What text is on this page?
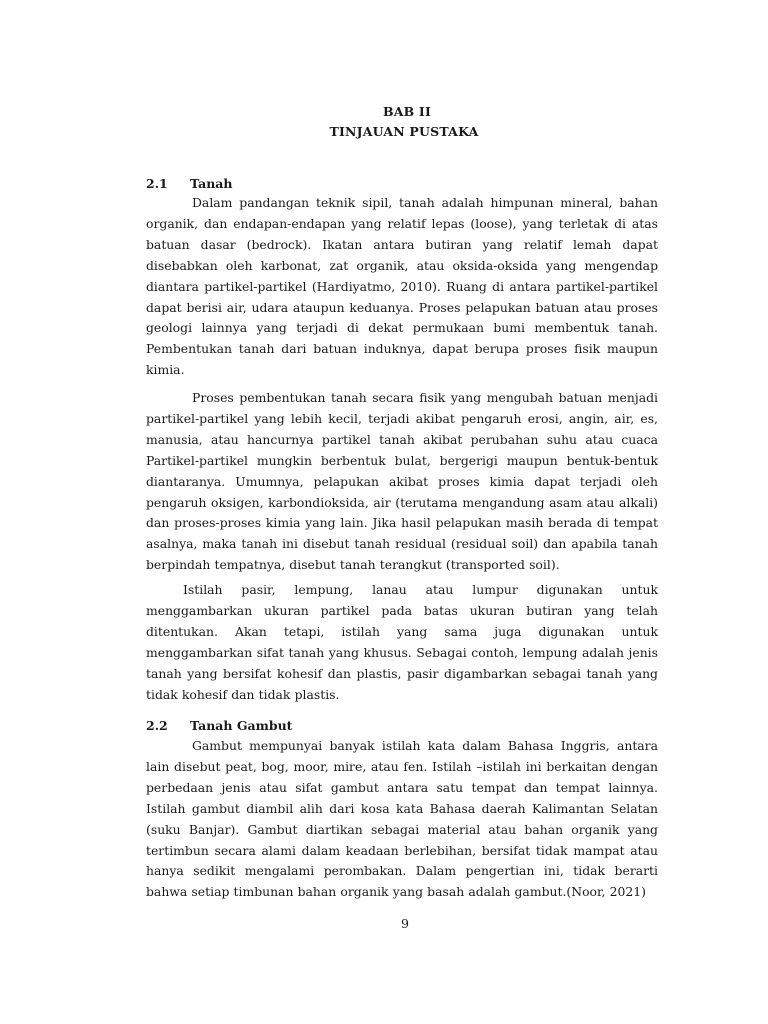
BAB II
TINJAUAN PUSTAKA
2.1 Tanah

Dalam pandangan teknik sipil, tanah adalah himpunan mineral, bahan organik, dan endapan-endapan yang relatif lepas (loose), yang terletak di atas batuan dasar (bedrock). Ikatan antara butiran yang relatif lemah dapat disebabkan oleh karbonat, zat organik, atau oksida-oksida yang mengendap diantara partikel-partikel (Hardiyatmo, 2010). Ruang di antara partikel-partikel dapat berisi air, udara ataupun keduanya. Proses pelapukan batuan atau proses geologi lainnya yang terjadi di dekat permukaan bumi membentuk tanah. Pembentukan tanah dari batuan induknya, dapat berupa proses fisik maupun kimia.

Proses pembentukan tanah secara fisik yang mengubah batuan menjadi partikel-partikel yang lebih kecil, terjadi akibat pengaruh erosi, angin, air, es, manusia, atau hancurnya partikel tanah akibat perubahan suhu atau cuaca Partikel-partikel mungkin berbentuk bulat, bergerigi maupun bentuk-bentuk diantaranya. Umumnya, pelapukan akibat proses kimia dapat terjadi oleh pengaruh oksigen, karbondioksida, air (terutama mengandung asam atau alkali) dan proses-proses kimia yang lain. Jika hasil pelapukan masih berada di tempat asalnya, maka tanah ini disebut tanah residual (residual soil) dan apabila tanah berpindah tempatnya, disebut tanah terangkut (transported soil).

Istilah pasir, lempung, lanau atau lumpur digunakan untuk menggambarkan ukuran partikel pada batas ukuran butiran yang telah ditentukan. Akan tetapi, istilah yang sama juga digunakan untuk menggambarkan sifat tanah yang khusus. Sebagai contoh, lempung adalah jenis tanah yang bersifat kohesif dan plastis, pasir digambarkan sebagai tanah yang tidak kohesif dan tidak plastis.

2.2 Tanah Gambut

Gambut mempunyai banyak istilah kata dalam Bahasa Inggris, antara lain disebut peat, bog, moor, mire, atau fen. Istilah –istilah ini berkaitan dengan perbedaan jenis atau sifat gambut antara satu tempat dan tempat lainnya. Istilah gambut diambil alih dari kosa kata Bahasa daerah Kalimantan Selatan (suku Banjar). Gambut diartikan sebagai material atau bahan organik yang tertimbun secara alami dalam keadaan berlebihan, bersifat tidak mampat atau hanya sedikit mengalami perombakan. Dalam pengertian ini, tidak berarti bahwa setiap timbunan bahan organik yang basah adalah gambut.(Noor, 2021)

9
